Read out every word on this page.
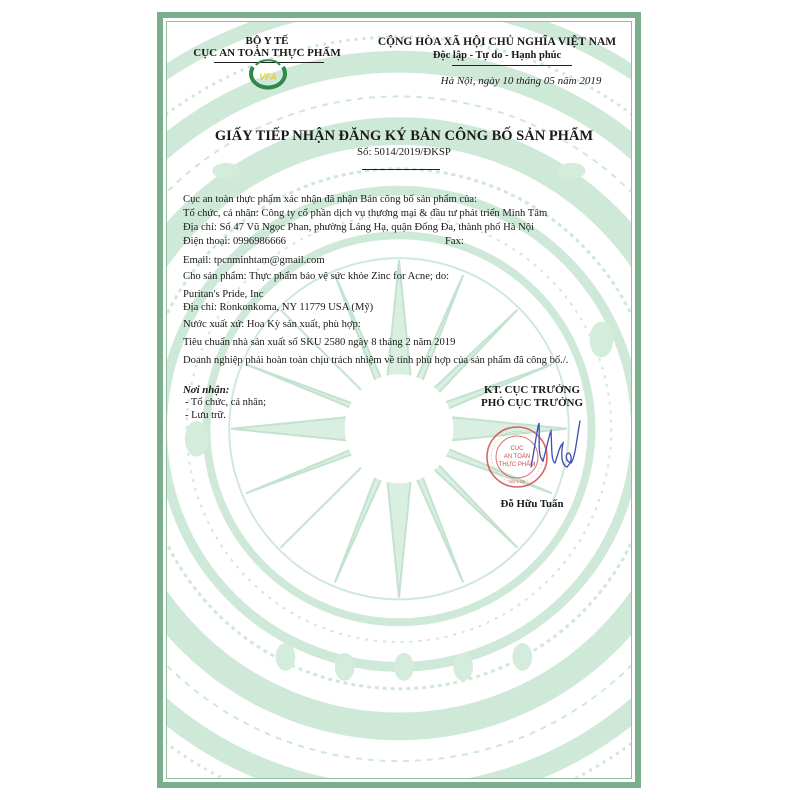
BỘ Y TẾ
CỤC AN TOÀN THỰC PHẨM
VFA
CỘNG HÒA XÃ HỘI CHỦ NGHĨA VIỆT NAM
Độc lập - Tự do - Hạnh phúc
Hà Nội, ngày 10 tháng 05 năm 2019
GIẤY TIẾP NHẬN ĐĂNG KÝ BẢN CÔNG BỐ SẢN PHẨM
Số: 5014/2019/ĐKSP
Cục an toàn thực phẩm xác nhận đã nhận Bản công bố sản phẩm của:
Tổ chức, cá nhân: Công ty cổ phần dịch vụ thương mại & đầu tư phát triển Minh Tâm
Địa chỉ: Số 47 Vũ Ngọc Phan, phường Láng Hạ, quận Đống Đa, thành phố Hà Nội
Điện thoại: 0996986666	Fax:
Email: tpcnminhtam@gmail.com
Cho sản phẩm: Thực phẩm bảo vệ sức khỏe Zinc for Acne; do:
Puritan's Pride, Inc
Địa chỉ: Ronkonkoma, NY 11779 USA (Mỹ)
Nước xuất xứ: Hoa Kỳ sản xuất, phù hợp:
Tiêu chuẩn nhà sản xuất số SKU 2580 ngày 8 tháng 2 năm 2019
Doanh nghiệp phải hoàn toàn chịu trách nhiệm về tính phù hợp của sản phẩm đã công bố./.
Nơi nhận:
- Tổ chức, cá nhân;
- Lưu trữ.
KT. CỤC TRƯỞNG
PHÓ CỤC TRƯỞNG
CỤC
AN TOÀN
THỰC PHẨM
BỘ Y TẾ
Đỗ Hữu Tuấn
